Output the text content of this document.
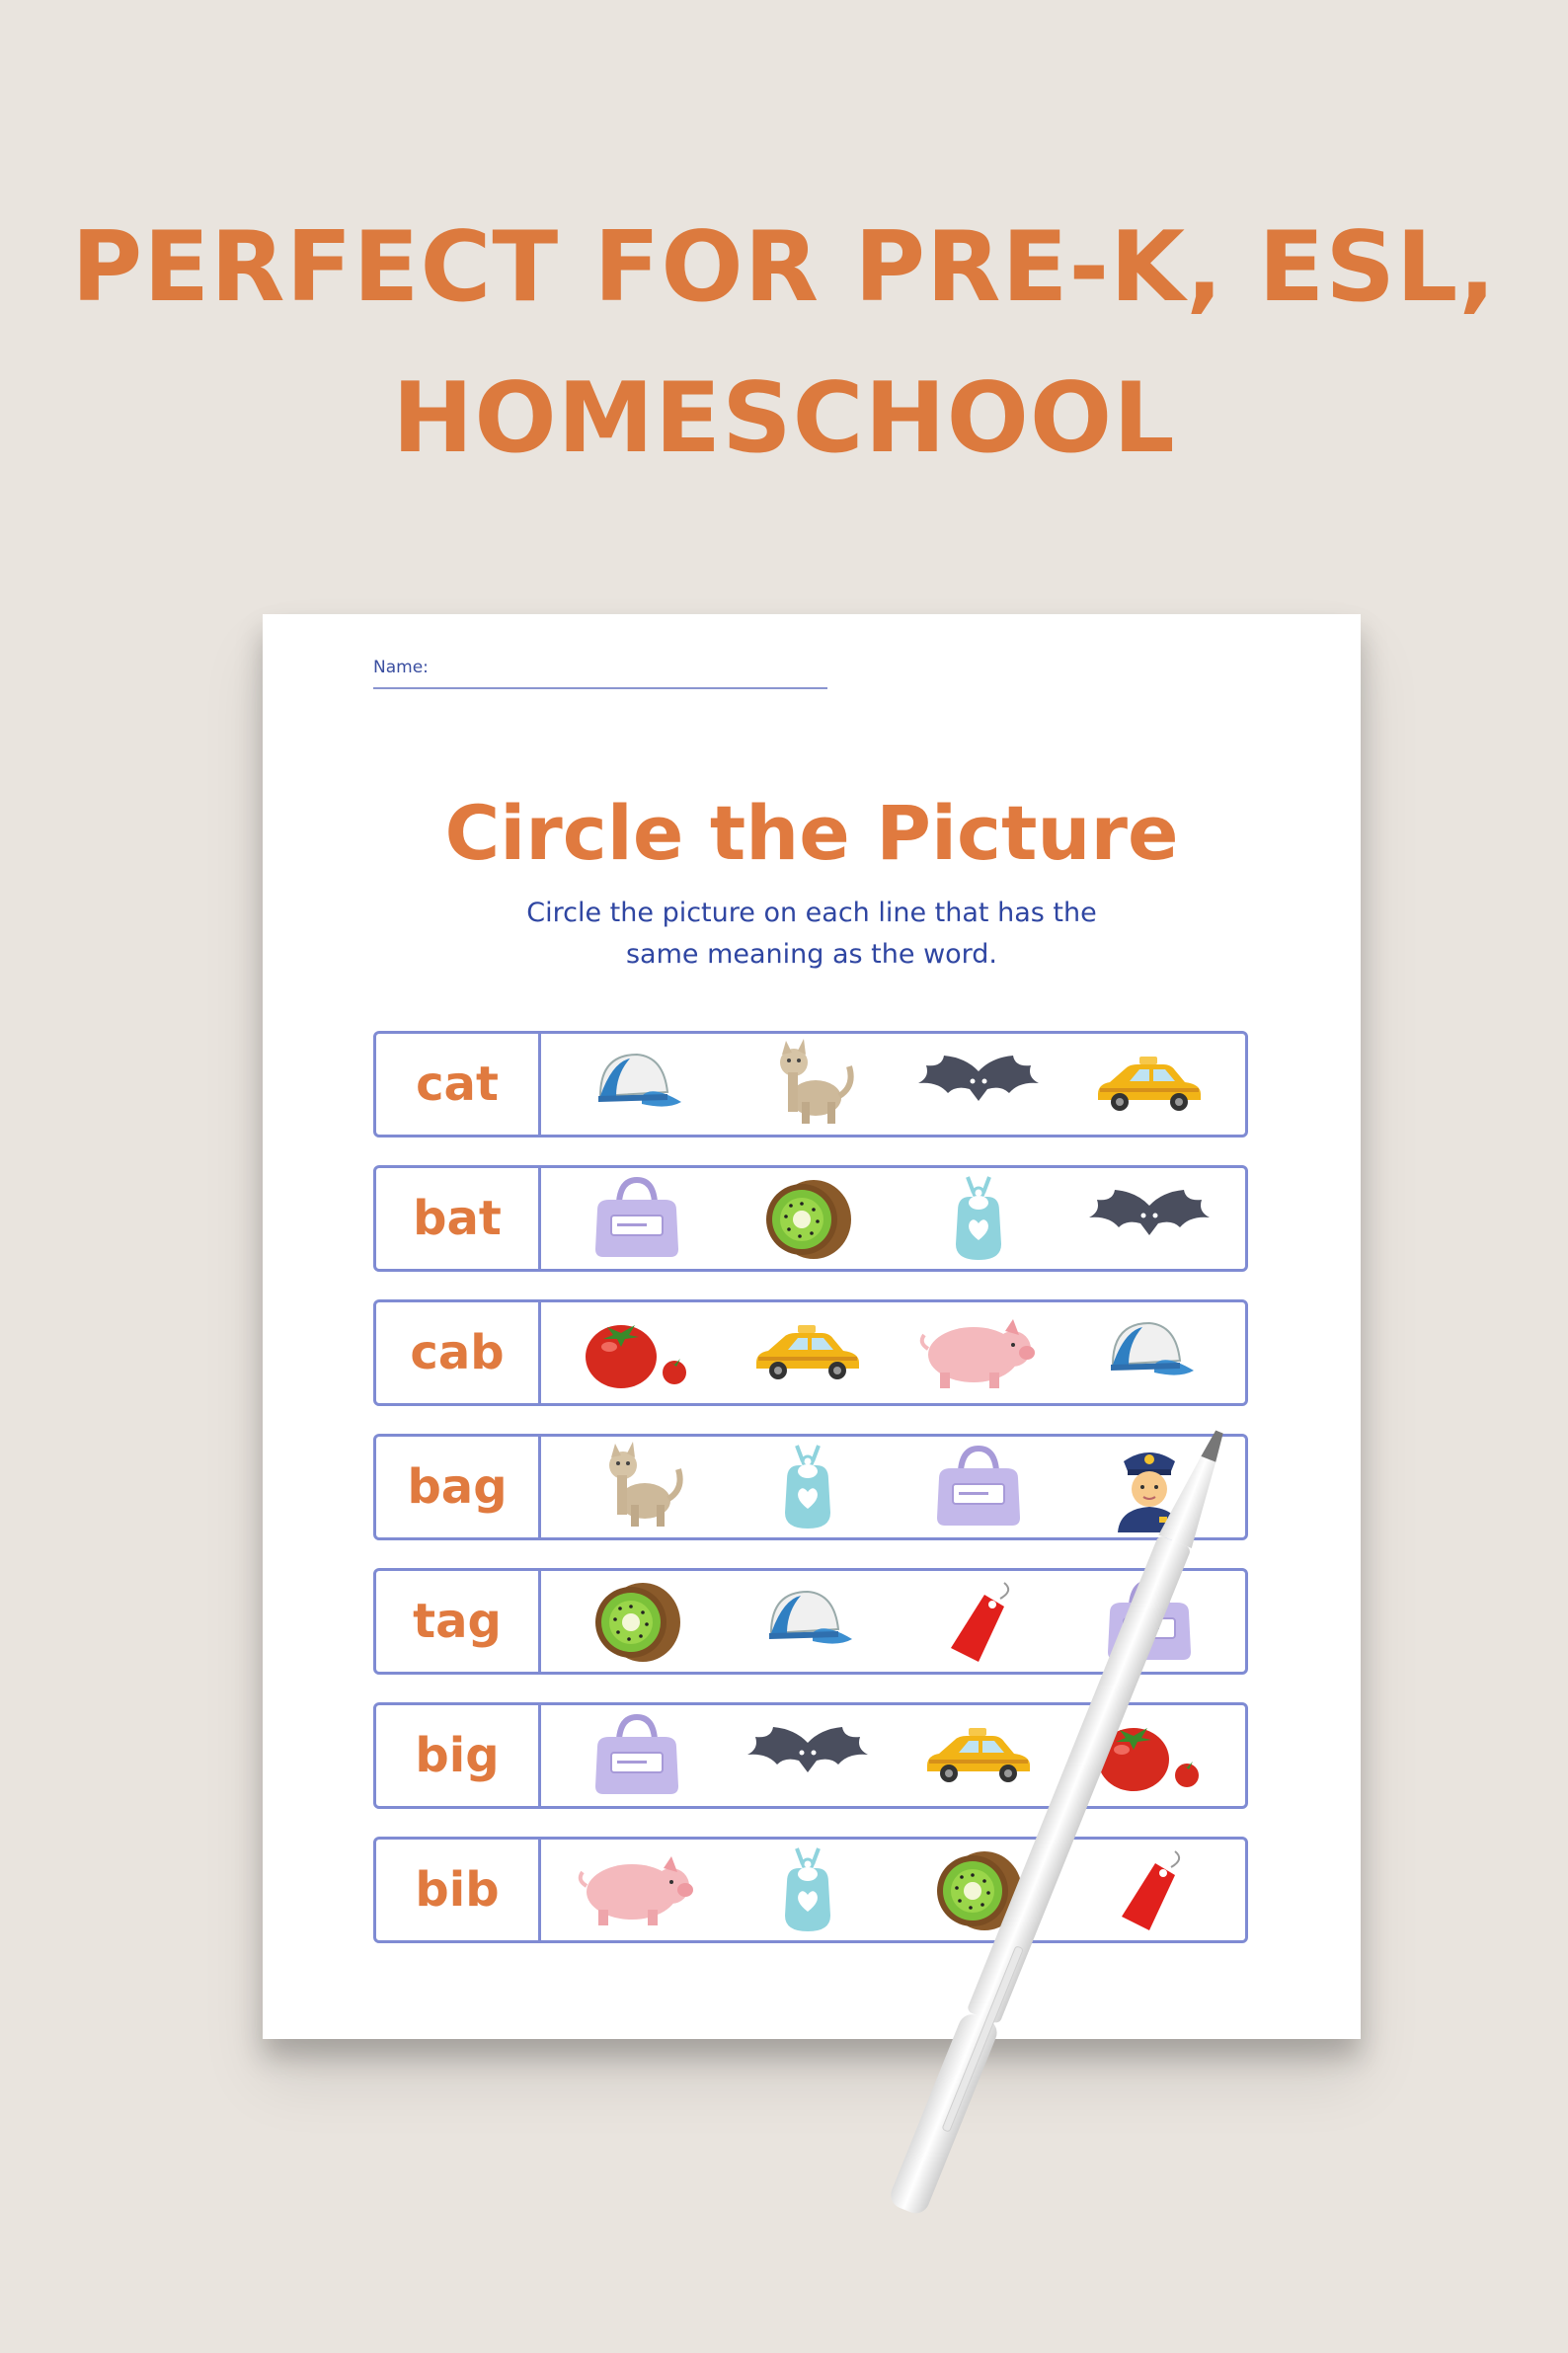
PERFECT FOR PRE-K, ESL,
HOMESCHOOL
Name:
Circle the Picture
Circle the picture on each line that has the
same meaning as the word.
cat
bat
cab
bag
tag
big
bib
